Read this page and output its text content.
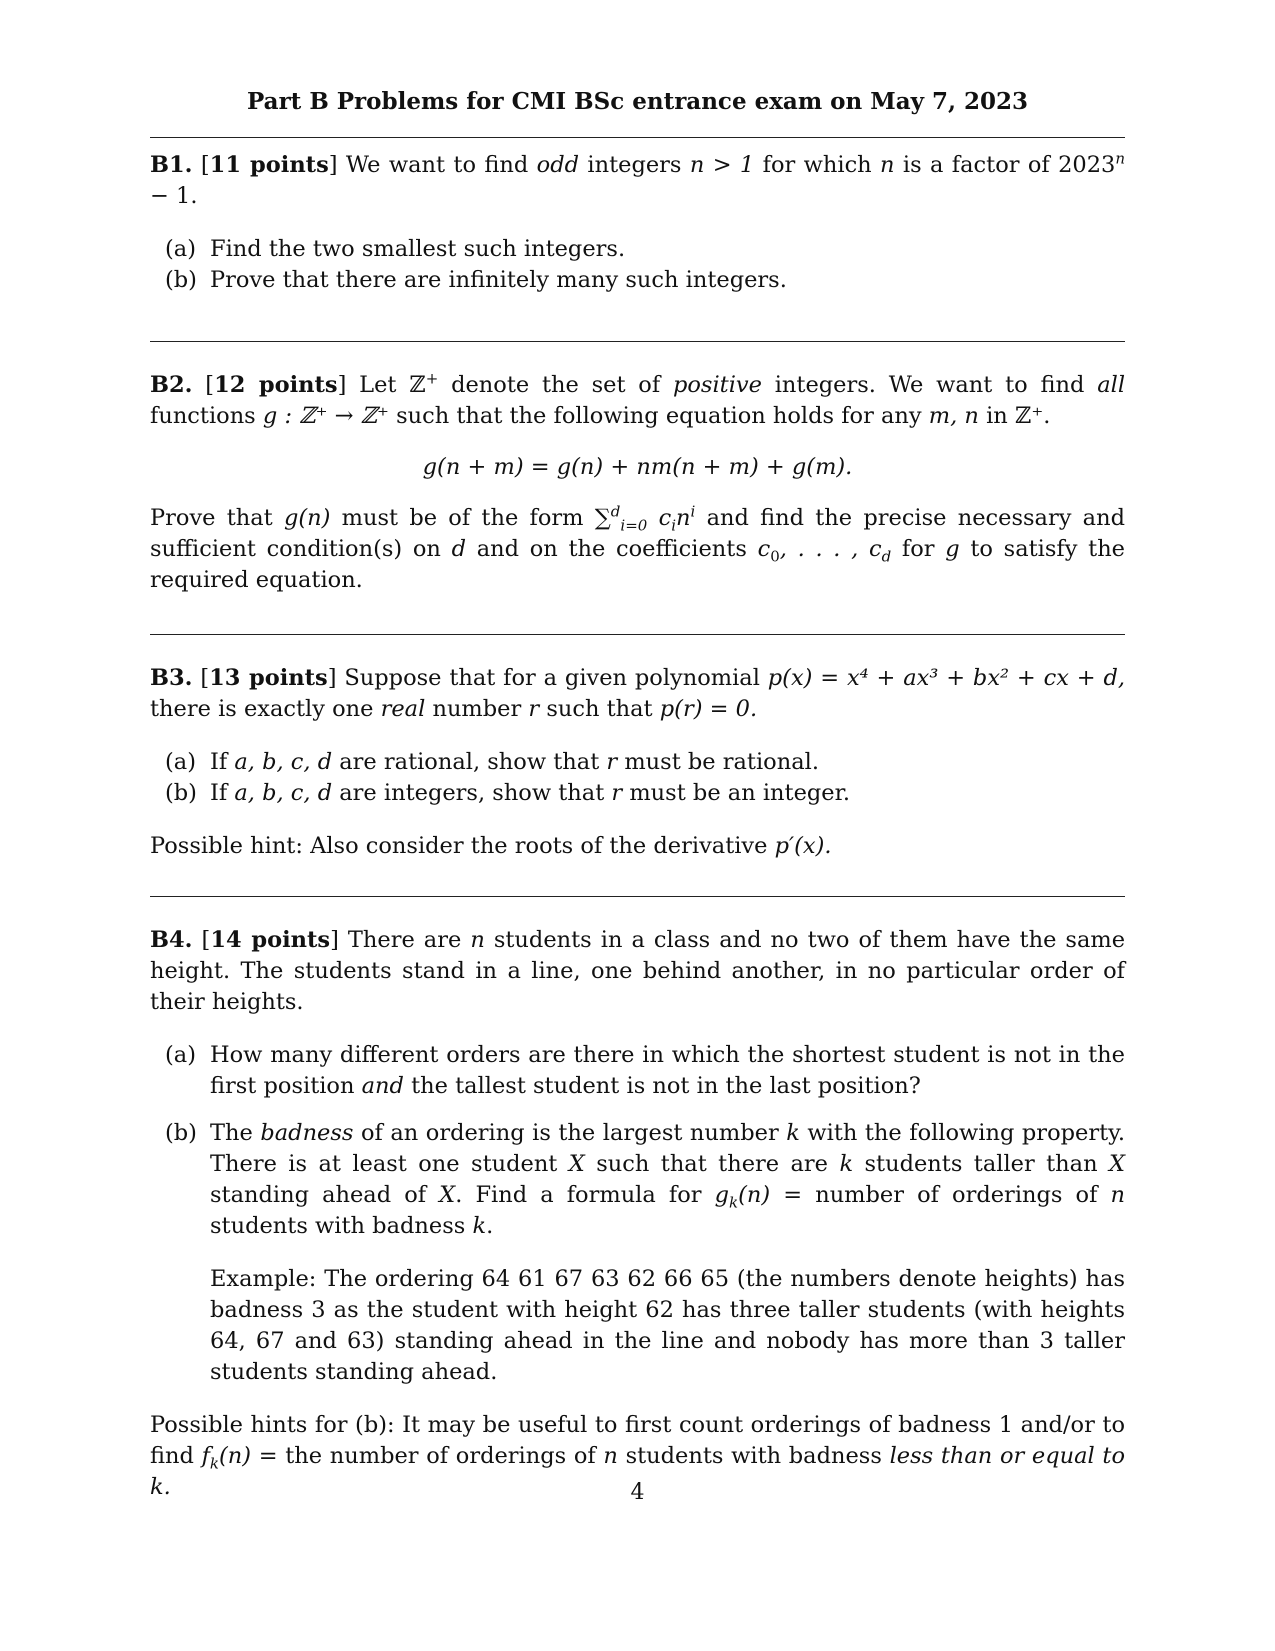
Part B Problems for CMI BSc entrance exam on May 7, 2023
B1. [11 points] We want to find odd integers n > 1 for which n is a factor of $2023^n - 1$.
(a) Find the two smallest such integers.
(b) Prove that there are infinitely many such integers.
B2. [12 points] Let ℤ+ denote the set of positive integers. We want to find all functions g : ℤ⁺ → ℤ⁺ such that the following equation holds for any m, n in ℤ⁺.
g(n + m) = g(n) + nm(n + m) + g(m).
Prove that g(n) must be of the form ∑$^d_{i=0}$ $c_in^i$ and find the precise necessary and sufficient condition(s) on d and on the coefficients $c_0$, . . . , $c_d$ for g to satisfy the required equation.
B3. [13 points] Suppose that for a given polynomial p(x) = x⁴ + ax³ + bx² + cx + d, there is exactly one real number r such that p(r) = 0.
(a) If a, b, c, d are rational, show that r must be rational.
(b) If a, b, c, d are integers, show that r must be an integer.
Possible hint: Also consider the roots of the derivative p′(x).
B4. [14 points] There are n students in a class and no two of them have the same height. The students stand in a line, one behind another, in no particular order of their heights.
(a) How many different orders are there in which the shortest student is not in the first position and the tallest student is not in the last position?
(b) The badness of an ordering is the largest number k with the following property. There is at least one student X such that there are k students taller than X standing ahead of X. Find a formula for $g_k(n)$ = number of orderings of n students with badness k.
Example: The ordering 64 61 67 63 62 66 65 (the numbers denote heights) has badness 3 as the student with height 62 has three taller students (with heights 64, 67 and 63) standing ahead in the line and nobody has more than 3 taller students standing ahead.
Possible hints for (b): It may be useful to first count orderings of badness 1 and/or to find $f_k(n)$ = the number of orderings of n students with badness less than or equal to k.	4
